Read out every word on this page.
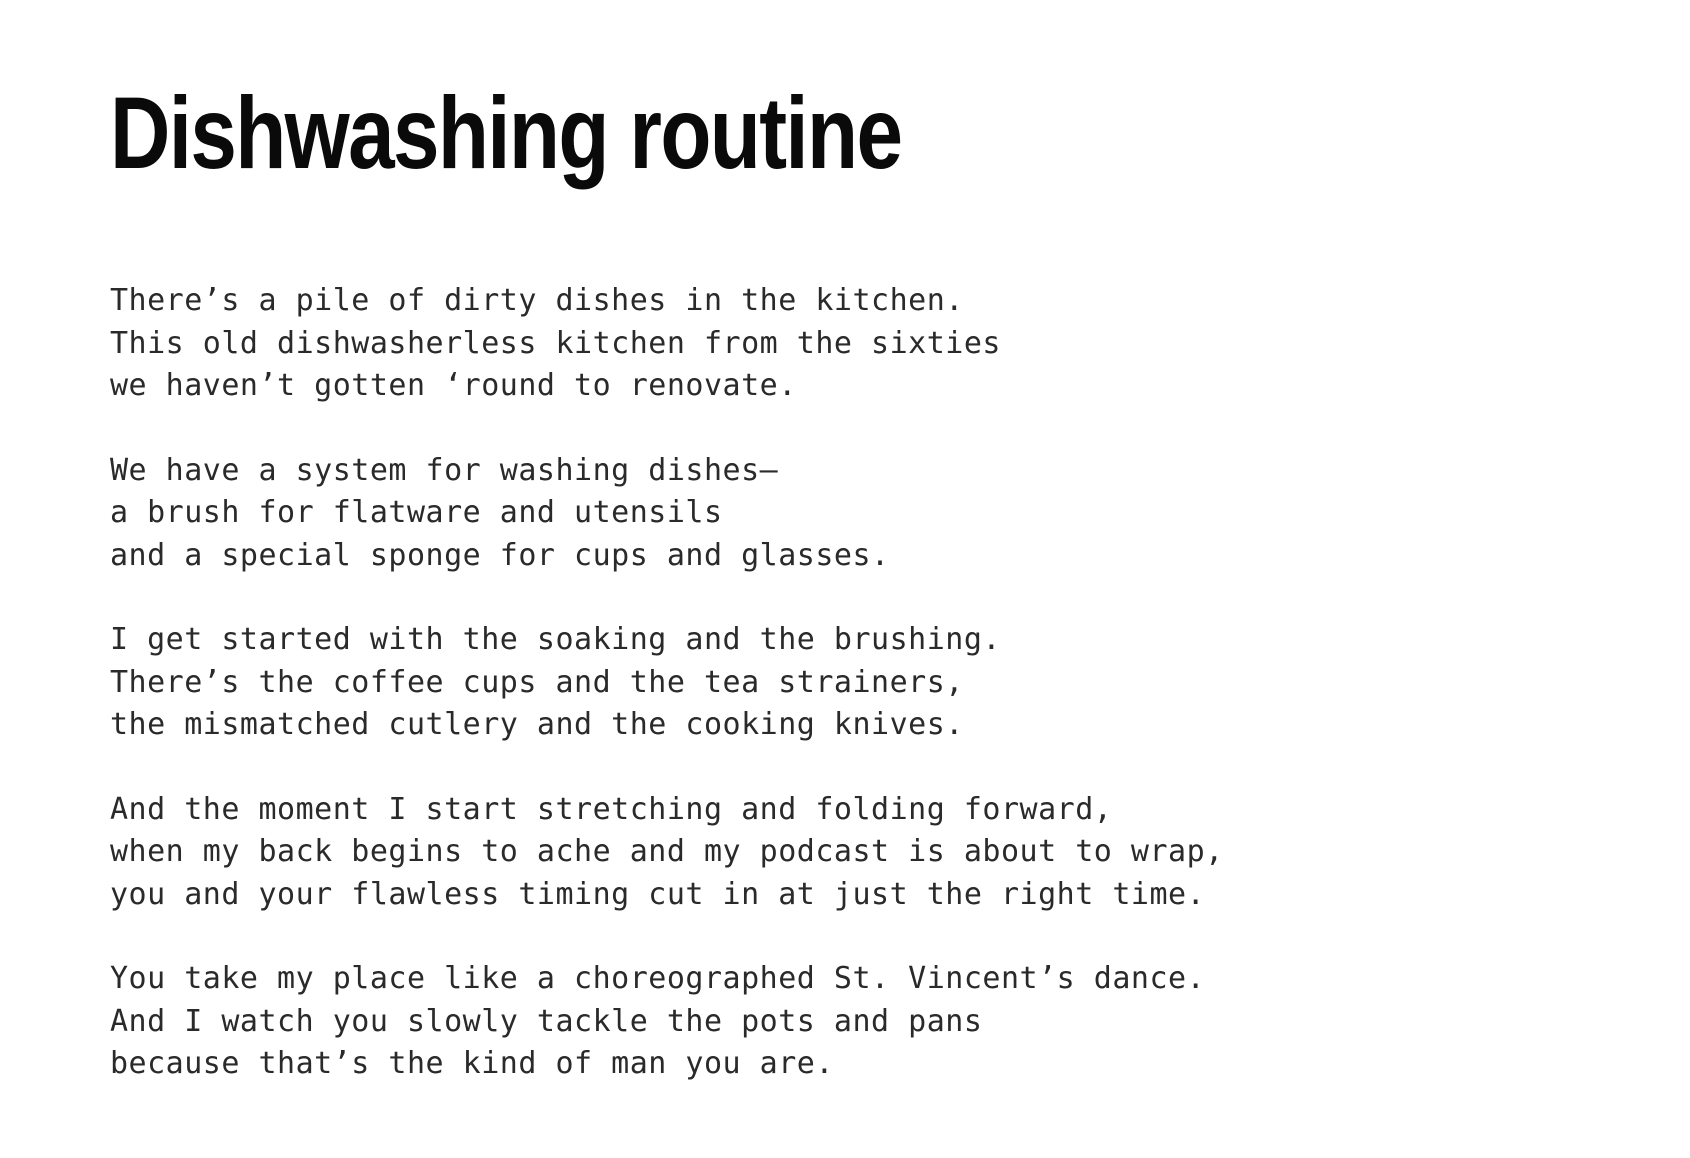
Dishwashing routine
There’s a pile of dirty dishes in the kitchen.
This old dishwasherless kitchen from the sixties
we haven’t gotten ‘round to renovate.
We have a system for washing dishes—
a brush for flatware and utensils
and a special sponge for cups and glasses.
I get started with the soaking and the brushing.
There’s the coffee cups and the tea strainers,
the mismatched cutlery and the cooking knives.
And the moment I start stretching and folding forward,
when my back begins to ache and my podcast is about to wrap,
you and your flawless timing cut in at just the right time.
You take my place like a choreographed St. Vincent’s dance.
And I watch you slowly tackle the pots and pans
because that’s the kind of man you are.
